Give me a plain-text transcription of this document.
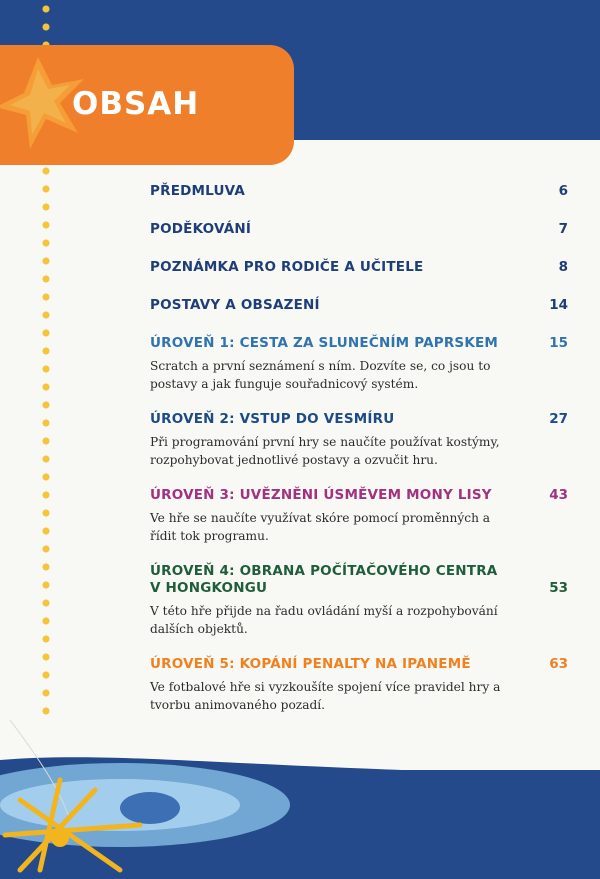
OBSAH
PŘEDMLUVA	6
PODĚKOVÁNÍ	7
POZNÁMKA PRO RODIČE A UČITELE	8
POSTAVY A OBSAZENÍ	14
ÚROVEŇ 1: CESTA ZA SLUNEČNÍM PAPRSKEM	15
Scratch a první seznámení s ním. Dozvíte se, co jsou to postavy a jak funguje souřadnicový systém.
ÚROVEŇ 2: VSTUP DO VESMÍRU	27
Při programování první hry se naučíte používat kostýmy, rozpohybovat jednotlivé postavy a ozvučit hru.
ÚROVEŇ 3: UVĚZNĚNI ÚSMĚVEM MONY LISY	43
Ve hře se naučíte využívat skóre pomocí proměnných a řídit tok programu.
ÚROVEŇ 4: OBRANA POČÍTAČOVÉHO CENTRA V HONGKONGU	53
V této hře přijde na řadu ovládání myší a rozpohybování dalších objektů.
ÚROVEŇ 5: KOPÁNÍ PENALTY NA IPANEMĚ	63
Ve fotbalové hře si vyzkoušíte spojení více pravidel hry a tvorbu animovaného pozadí.
